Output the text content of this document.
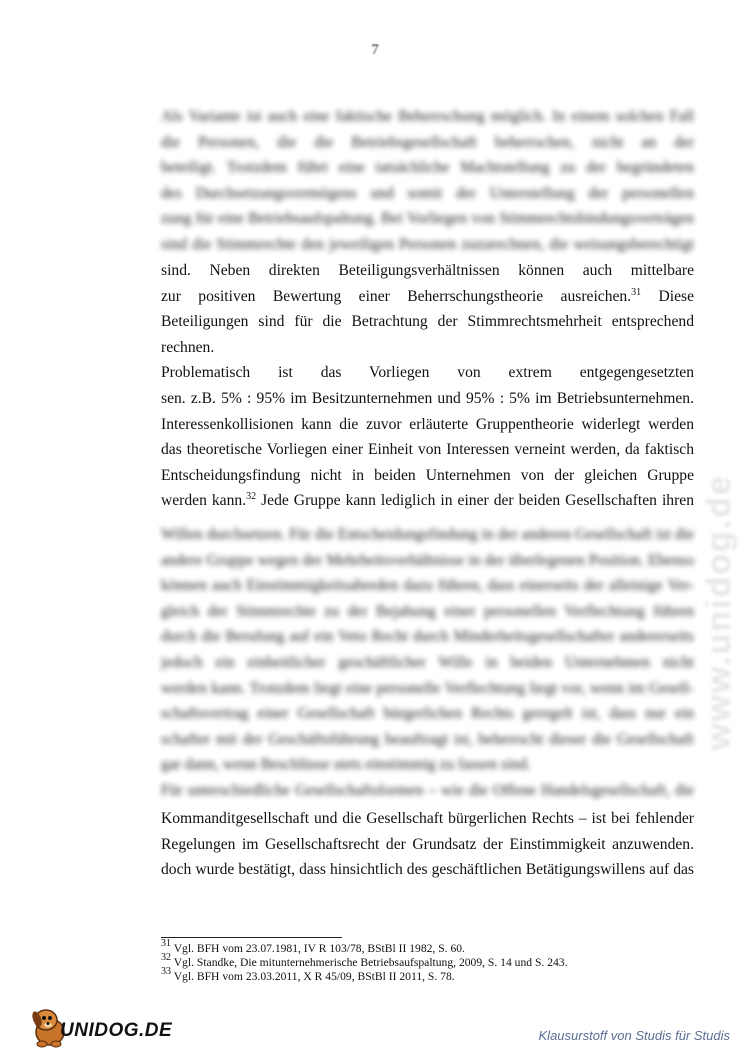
7
www.unidog.de
Als Variante ist auch eine faktische Beherrschung möglich. In einem solchen Fall
die Personen, die die Betriebsgesellschaft beherrschen, nicht an der
beteiligt. Trotzdem führt eine tatsächliche Machtstellung zu der begründeten
des Durchsetzungsvermögens und somit der Unterstellung der personellen
zung für eine Betriebsaufspaltung. Bei Vorliegen von Stimmrechtsbindungsverträgen
sind die Stimmrechte den jeweiligen Personen zuzurechnen, die weisungsberechtigt
sind. Neben direkten Beteiligungsverhältnissen können auch mittelbare
zur positiven Bewertung einer Beherrschungstheorie ausreichen.$^{31}$ Diese
Beteiligungen sind für die Betrachtung der Stimmrechtsmehrheit entsprechend
rechnen.
Problematisch ist das Vorliegen von extrem entgegengesetzten
sen. z.B. 5% : 95% im Besitzunternehmen und 95% : 5% im Betriebsunternehmen.
Interessenkollisionen kann die zuvor erläuterte Gruppentheorie widerlegt werden
das theoretische Vorliegen einer Einheit von Interessen verneint werden, da faktisch
Entscheidungsfindung nicht in beiden Unternehmen von der gleichen Gruppe
werden kann.$^{32}$ Jede Gruppe kann lediglich in einer der beiden Gesellschaften ihren
Willen durchsetzen. Für die Entscheidungsfindung in der anderen Gesellschaft ist die
andere Gruppe wegen der Mehrheitsverhältnisse in der überlegenen Position. Ebenso
können auch Einstimmigkeitsabreden dazu führen, dass einerseits der alleinige Ver-
gleich der Stimmrechte zu der Bejahung einer personellen Verflechtung führen
durch die Berufung auf ein Veto Recht durch Minderheitsgesellschafter andererseits
jedoch ein einheitlicher geschäftlicher Wille in beiden Unternehmen nicht
werden kann. Trotzdem liegt eine personelle Verflechtung liegt vor, wenn im Gesell-
schaftsvertrag einer Gesellschaft bürgerlichen Rechts geregelt ist, dass nur ein
schafter mit der Geschäftsführung beauftragt ist, beherrscht dieser die Gesellschaft
gar dann, wenn Beschlüsse stets einstimmig zu fassen sind.
Für unterschiedliche Gesellschaftsformen – wie die Offene Handelsgesellschaft, die
Kommanditgesellschaft und die Gesellschaft bürgerlichen Rechts – ist bei fehlender
Regelungen im Gesellschaftsrecht der Grundsatz der Einstimmigkeit anzuwenden.
doch wurde bestätigt, dass hinsichtlich des geschäftlichen Betätigungswillens auf das
$^{31}$ Vgl. BFH vom 23.07.1981, IV R 103/78, BStBl II 1982, S. 60.
$^{32}$ Vgl. Standke, Die mitunternehmerische Betriebsaufspaltung, 2009, S. 14 und S. 243.
$^{33}$ Vgl. BFH vom 23.03.2011, X R 45/09, BStBl II 2011, S. 78.
UNIDOG.DE	Klausurstoff von Studis für Studis
